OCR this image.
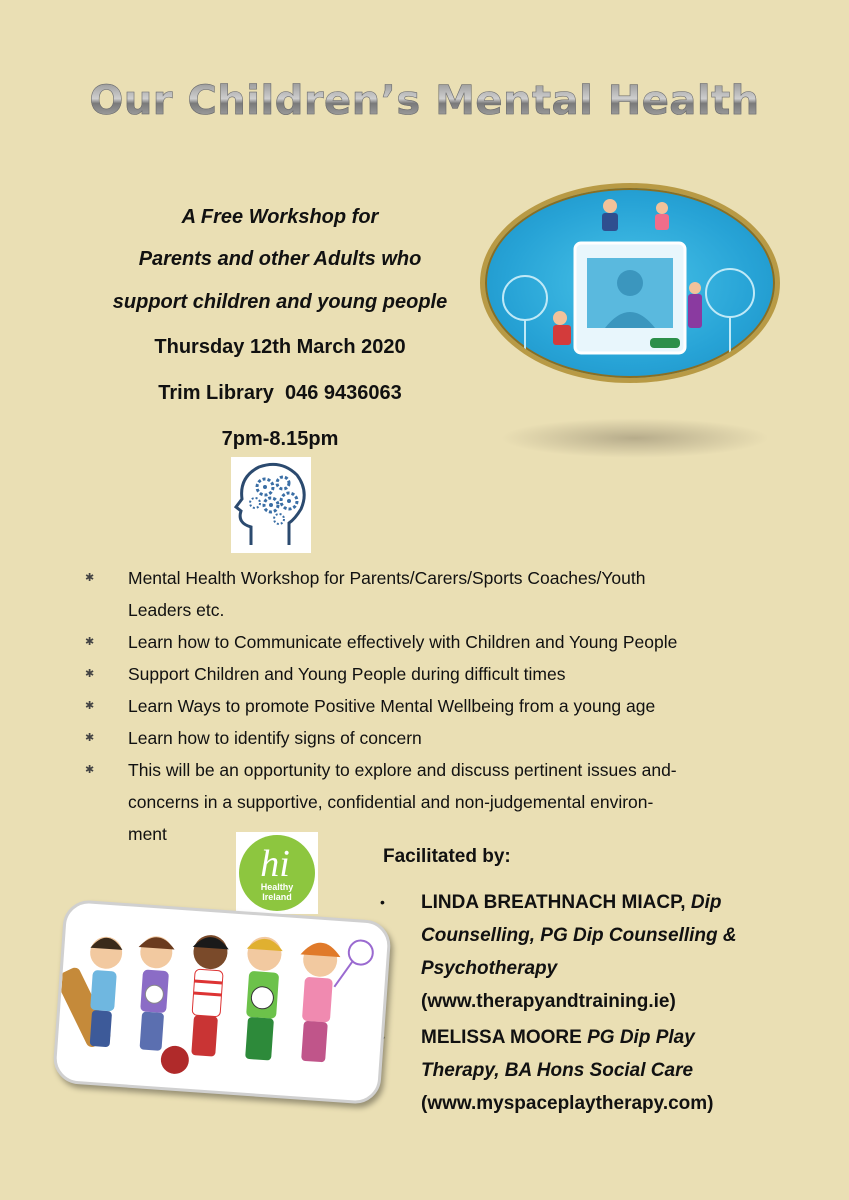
Our Children’s Mental Health
A Free Workshop for
Parents and other Adults who
support children and young people
Thursday 12th March 2020
Trim Library  046 9436063
7pm-8.15pm
✱ Mental Health Workshop for Parents/Carers/Sports Coaches/Youth
Leaders etc.
✱ Learn how to Communicate effectively with Children and Young People
✱ Support Children and Young People during difficult times
✱ Learn Ways to promote Positive Mental Wellbeing from a young age
✱ Learn how to identify signs of concern
✱ This will be an opportunity to explore and discuss pertinent issues and-
concerns in a supportive, confidential and non-judgemental environ-
ment
hi
Healthy
Ireland
Facilitated by:
• LINDA BREATHNACH MIACP, Dip
Counselling, PG Dip Counselling &
Psychotherapy
(www.therapyandtraining.ie)
MELISSA MOORE PG Dip Play
Therapy, BA Hons Social Care
(www.myspaceplaytherapy.com)
